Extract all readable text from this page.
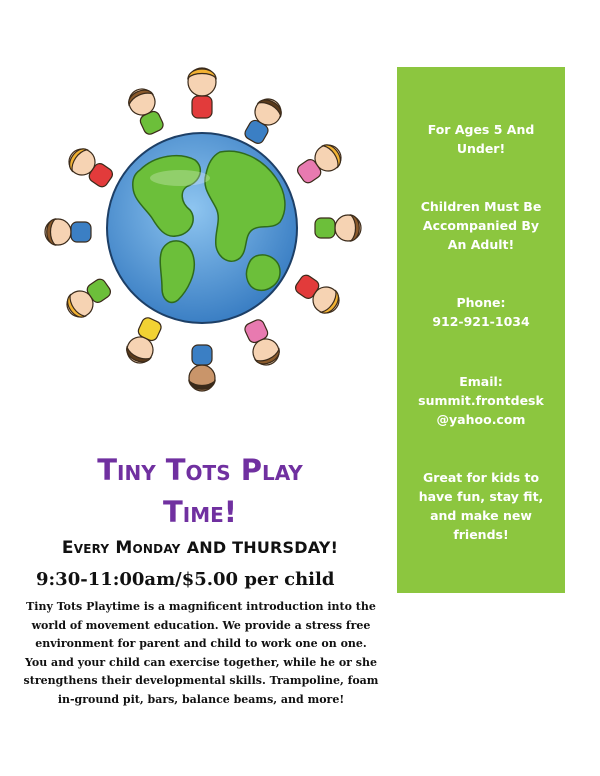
Tiny Tots Play
Time!
Every Monday AND THURSDAY!
9:30-11:00am/$5.00 per child
Tiny Tots Playtime is a magnificent introduction into the
world of movement education. We provide a stress free
environment for parent and child to work one on one.
You and your child can exercise together, while he or she
strengthens their developmental skills. Trampoline, foam
in-ground pit, bars, balance beams, and more!
For Ages 5 And
Under!
Children Must Be
Accompanied By
An Adult!
Phone:
912-921-1034
Email:
summit.frontdesk
@yahoo.com
Great for kids to
have fun, stay fit,
and make new
friends!
